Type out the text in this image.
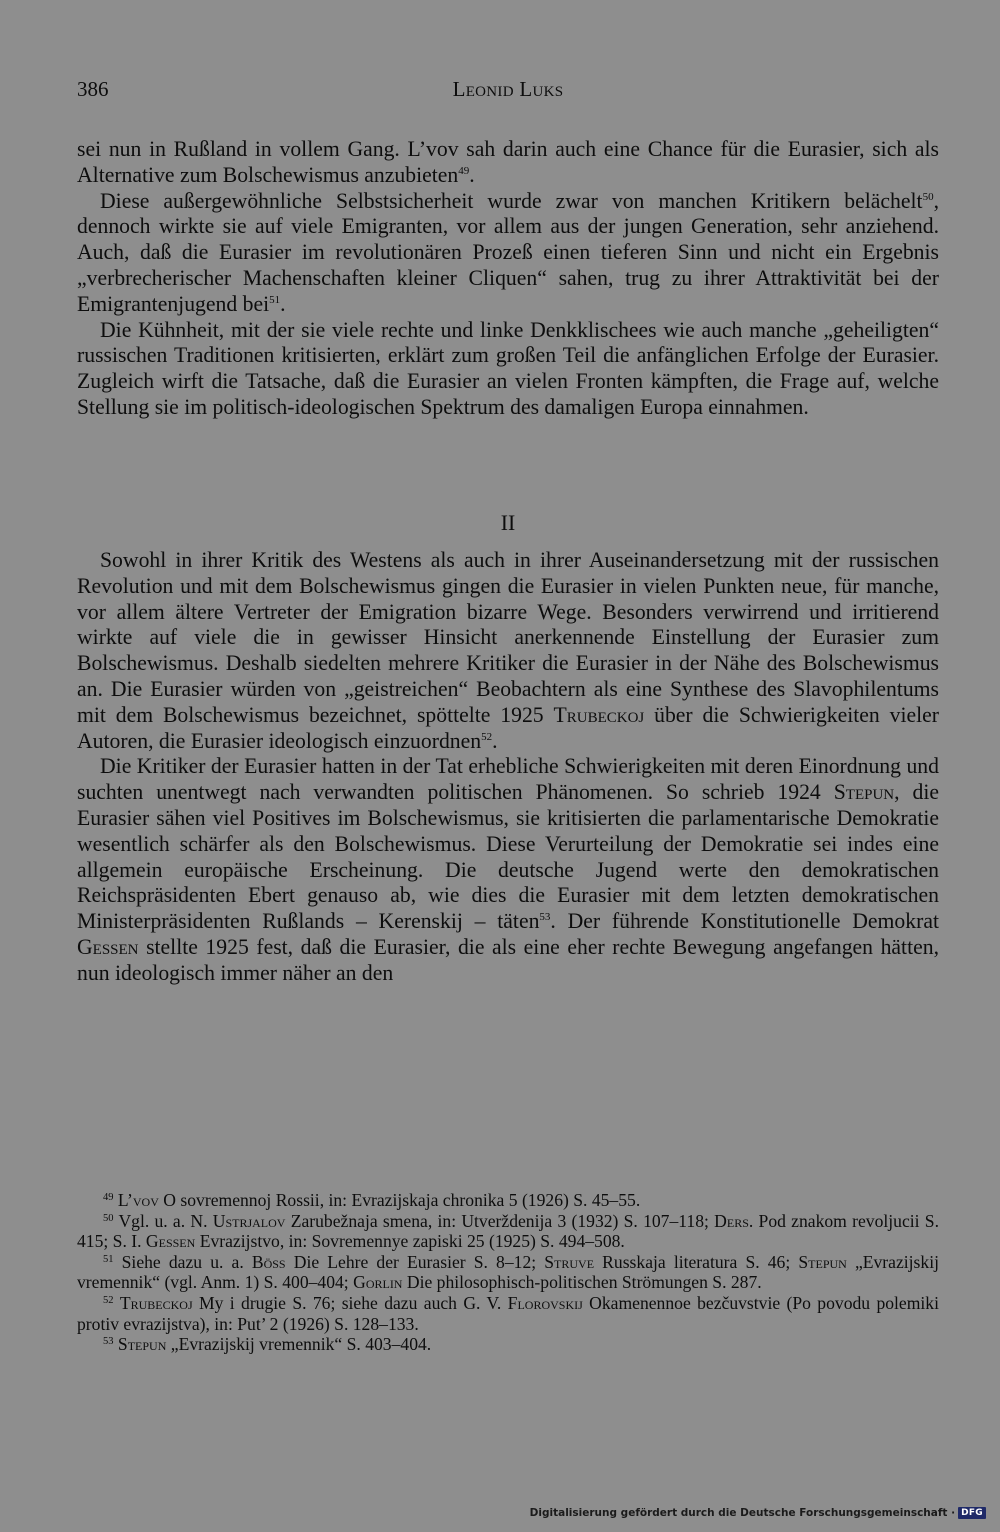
386	Leonid Luks

sei nun in Rußland in vollem Gang. L’vov sah darin auch eine Chance für die Eurasier, sich als Alternative zum Bolschewismus anzubieten$^{49}$.

Diese außergewöhnliche Selbstsicherheit wurde zwar von manchen Kritikern belächelt$^{50}$, dennoch wirkte sie auf viele Emigranten, vor allem aus der jungen Generation, sehr anziehend. Auch, daß die Eurasier im revolutionären Prozeß einen tieferen Sinn und nicht ein Ergebnis „verbrecherischer Machenschaften kleiner Cliquen“ sahen, trug zu ihrer Attraktivität bei der Emigrantenjugend bei$^{51}$.

Die Kühnheit, mit der sie viele rechte und linke Denkklischees wie auch manche „geheiligten“ russischen Traditionen kritisierten, erklärt zum großen Teil die anfänglichen Erfolge der Eurasier. Zugleich wirft die Tatsache, daß die Eurasier an vielen Fronten kämpften, die Frage auf, welche Stellung sie im politisch-ideologischen Spektrum des damaligen Europa einnahmen.

II

Sowohl in ihrer Kritik des Westens als auch in ihrer Auseinandersetzung mit der russischen Revolution und mit dem Bolschewismus gingen die Eurasier in vielen Punkten neue, für manche, vor allem ältere Vertreter der Emigration bizarre Wege. Besonders verwirrend und irritierend wirkte auf viele die in gewisser Hinsicht anerkennende Einstellung der Eurasier zum Bolschewismus. Deshalb siedelten mehrere Kritiker die Eurasier in der Nähe des Bolschewismus an. Die Eurasier würden von „geistreichen“ Beobachtern als eine Synthese des Slavophilentums mit dem Bolschewismus bezeichnet, spöttelte 1925 Trubeckoj über die Schwierigkeiten vieler Autoren, die Eurasier ideologisch einzuordnen$^{52}$.

Die Kritiker der Eurasier hatten in der Tat erhebliche Schwierigkeiten mit deren Einordnung und suchten unentwegt nach verwandten politischen Phänomenen. So schrieb 1924 Stepun, die Eurasier sähen viel Positives im Bolschewismus, sie kritisierten die parlamentarische Demokratie wesentlich schärfer als den Bolschewismus. Diese Verurteilung der Demokratie sei indes eine allgemein europäische Erscheinung. Die deutsche Jugend werte den demokratischen Reichspräsidenten Ebert genauso ab, wie dies die Eurasier mit dem letzten demokratischen Ministerpräsidenten Rußlands – Kerenskij – täten$^{53}$. Der führende Konstitutionelle Demokrat Gessen stellte 1925 fest, daß die Eurasier, die als eine eher rechte Bewegung angefangen hätten, nun ideologisch immer näher an den

$^{49}$ L’vov O sovremennoj Rossii, in: Evrazijskaja chronika 5 (1926) S. 45–55.

$^{50}$ Vgl. u. a. N. Ustrjalov Zarubežnaja smena, in: Utverždenija 3 (1932) S. 107–118; Ders. Pod znakom revoljucii S. 415; S. I. Gessen Evrazijstvo, in: Sovremennye zapiski 25 (1925) S. 494–508.

$^{51}$ Siehe dazu u. a. Böss Die Lehre der Eurasier S. 8–12; Struve Russkaja literatura S. 46; Stepun „Evrazijskij vremennik“ (vgl. Anm. 1) S. 400–404; Gorlin Die philosophisch-politischen Strömungen S. 287.

$^{52}$ Trubeckoj My i drugie S. 76; siehe dazu auch G. V. Florovskij Okamenennoe bezčuvstvie (Po povodu polemiki protiv evrazijstva), in: Put’ 2 (1926) S. 128–133.

$^{53}$ Stepun „Evrazijskij vremennik“ S. 403–404.

Digitalisierung gefördert durch die Deutsche Forschungsgemeinschaft · DFG
